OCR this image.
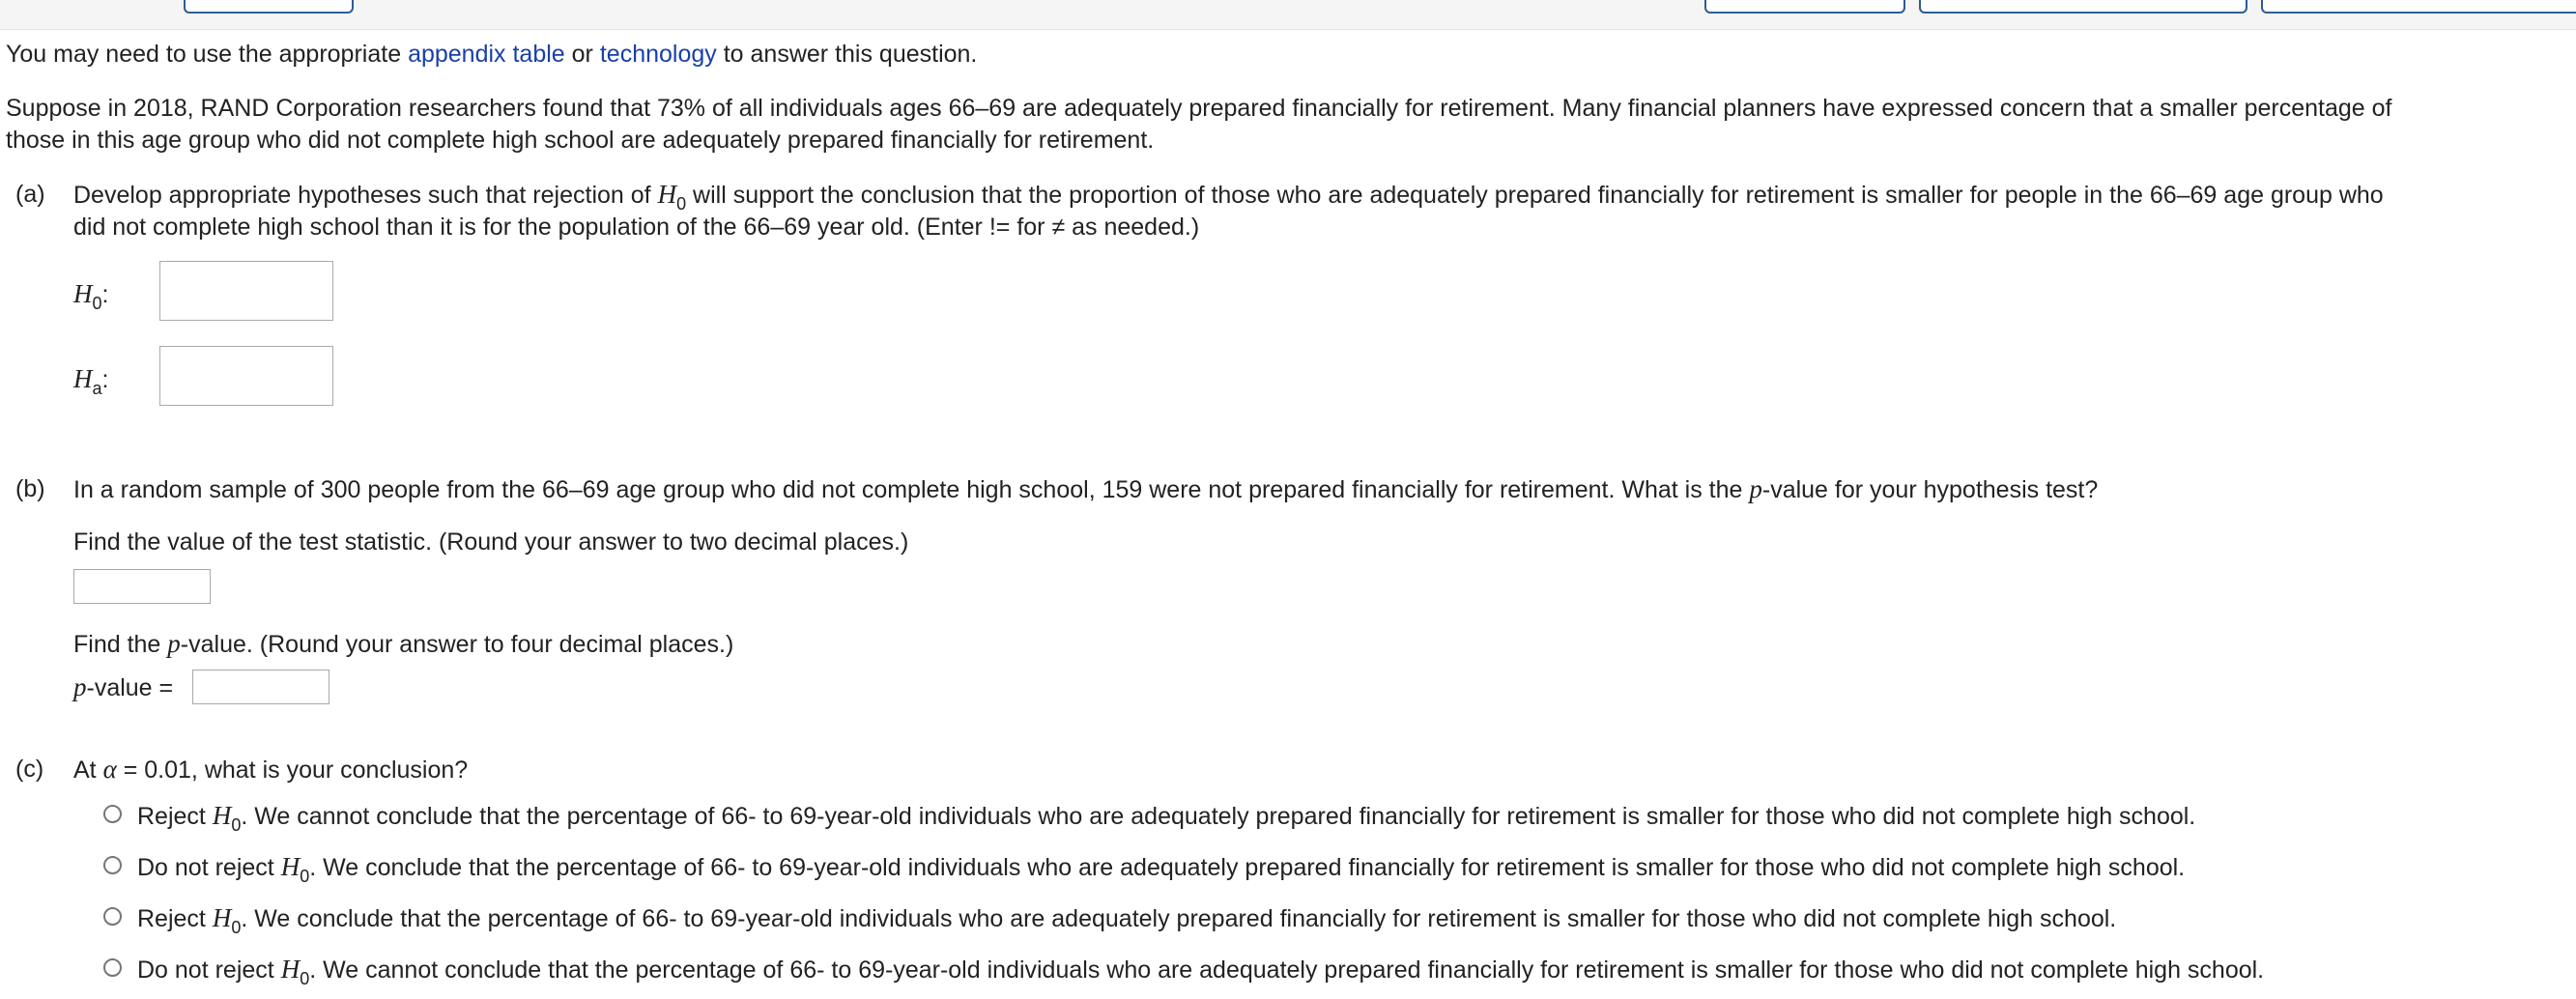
You may need to use the appropriate appendix table or technology to answer this question.
Suppose in 2018, RAND Corporation researchers found that 73% of all individuals ages 66–69 are adequately prepared financially for retirement. Many financial planners have expressed concern that a smaller percentage of
those in this age group who did not complete high school are adequately prepared financially for retirement.
(a) Develop appropriate hypotheses such that rejection of $H_0$ will support the conclusion that the proportion of those who are adequately prepared financially for retirement is smaller for people in the 66–69 age group who
did not complete high school than it is for the population of the 66–69 year old. (Enter != for ≠ as needed.)
$H_0$:
$H_a$:
(b) In a random sample of 300 people from the 66–69 age group who did not complete high school, 159 were not prepared financially for retirement. What is the p-value for your hypothesis test?
Find the value of the test statistic. (Round your answer to two decimal places.)
Find the p-value. (Round your answer to four decimal places.)
p-value =
(c) At α = 0.01, what is your conclusion?
Reject $H_0$. We cannot conclude that the percentage of 66- to 69-year-old individuals who are adequately prepared financially for retirement is smaller for those who did not complete high school.
Do not reject $H_0$. We conclude that the percentage of 66- to 69-year-old individuals who are adequately prepared financially for retirement is smaller for those who did not complete high school.
Reject $H_0$. We conclude that the percentage of 66- to 69-year-old individuals who are adequately prepared financially for retirement is smaller for those who did not complete high school.
Do not reject $H_0$. We cannot conclude that the percentage of 66- to 69-year-old individuals who are adequately prepared financially for retirement is smaller for those who did not complete high school.
